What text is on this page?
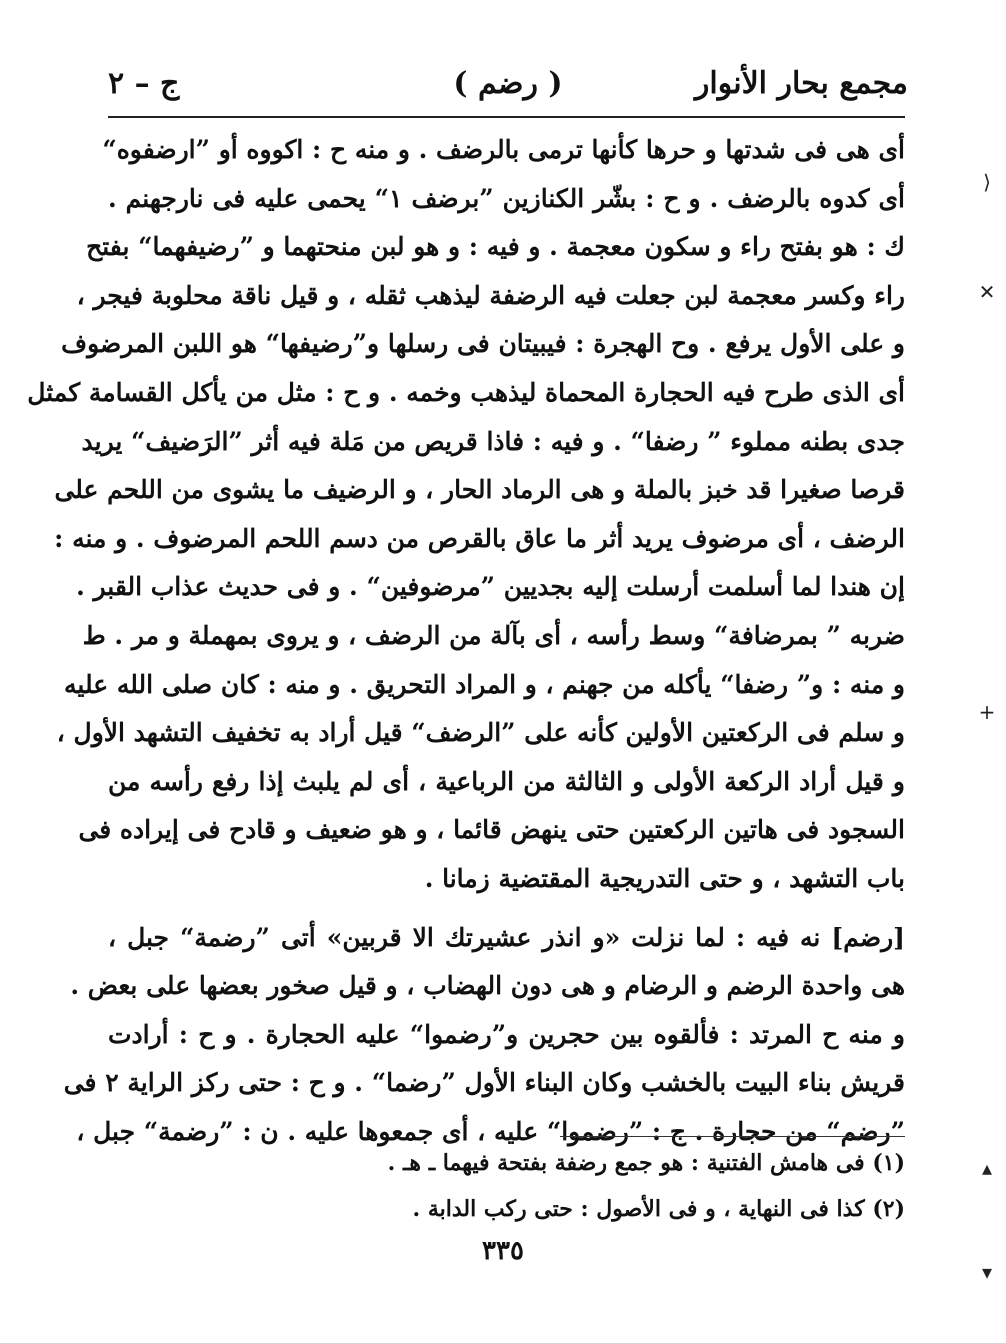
مجمع بحار الأنوار
( رضم )
ج – ٢
أى هى فى شدتها و حرها كأنها ترمى بالرضف . و منه ح : اكووه أو ”ارضفوه“
أى كدوه بالرضف . و ح : بشّر الكنازين ”برضف ١“ يحمى عليه فى نارجهنم .
ك : هو بفتح راء و سكون معجمة . و فيه : و هو لبن منحتهما و ”رضيفهما“ بفتح
راء وكسر معجمة لبن جعلت فيه الرضفة ليذهب ثقله ، و قيل ناقة محلوبة فيجر ،
و على الأول يرفع . وح الهجرة : فيبيتان فى رسلها و”رضيفها“ هو اللبن المرضوف
أى الذى طرح فيه الحجارة المحماة ليذهب وخمه . و ح : مثل من يأكل القسامة كمثل
جدى بطنه مملوء ” رضفا“ . و فيه : فاذا قريص من مَلة فيه أثر ”الرَضيف“ يريد
قرصا صغيرا قد خبز بالملة و هى الرماد الحار ، و الرضيف ما يشوى من اللحم على
الرضف ، أى مرضوف يريد أثر ما عاق بالقرص من دسم اللحم المرضوف . و منه :
إن هندا لما أسلمت أرسلت إليه بجديين ”مرضوفين“ . و فى حديث عذاب القبر .
ضربه ” بمرضافة“ وسط رأسه ، أى بآلة من الرضف ، و يروى بمهملة و مر . ط
و منه : و” رضفا“ يأكله من جهنم ، و المراد التحريق . و منه : كان صلى الله عليه
و سلم فى الركعتين الأولين كأنه على ”الرضف“ قيل أراد به تخفيف التشهد الأول ،
و قيل أراد الركعة الأولى و الثالثة من الرباعية ، أى لم يلبث إذا رفع رأسه من
السجود فى هاتين الركعتين حتى ينهض قائما ، و هو ضعيف و قادح فى إيراده فى
باب التشهد ، و حتى التدريجية المقتضية زمانا .
[رضم] نه فيه : لما نزلت «و انذر عشيرتك الا قربين» أتى ”رضمة“ جبل ،
هى واحدة الرضم و الرضام و هى دون الهضاب ، و قيل صخور بعضها على بعض .
و منه ح المرتد : فألقوه بين حجرين و”رضموا“ عليه الحجارة . و ح : أرادت
قريش بناء البيت بالخشب وكان البناء الأول ”رضما“ . و ح : حتى ركز الراية ٢ فى
”رضم“ من حجارة . ج : ”رضموا“ عليه ، أى جمعوها عليه . ن : ”رضمة“ جبل ،
(١) فى هامش الفتنية : هو جمع رضفة بفتحة فيهما ـ هـ .
(٢) كذا فى النهاية ، و فى الأصول : حتى ركب الدابة .
٣٣٥
⟩
✕
+
▴
▾
